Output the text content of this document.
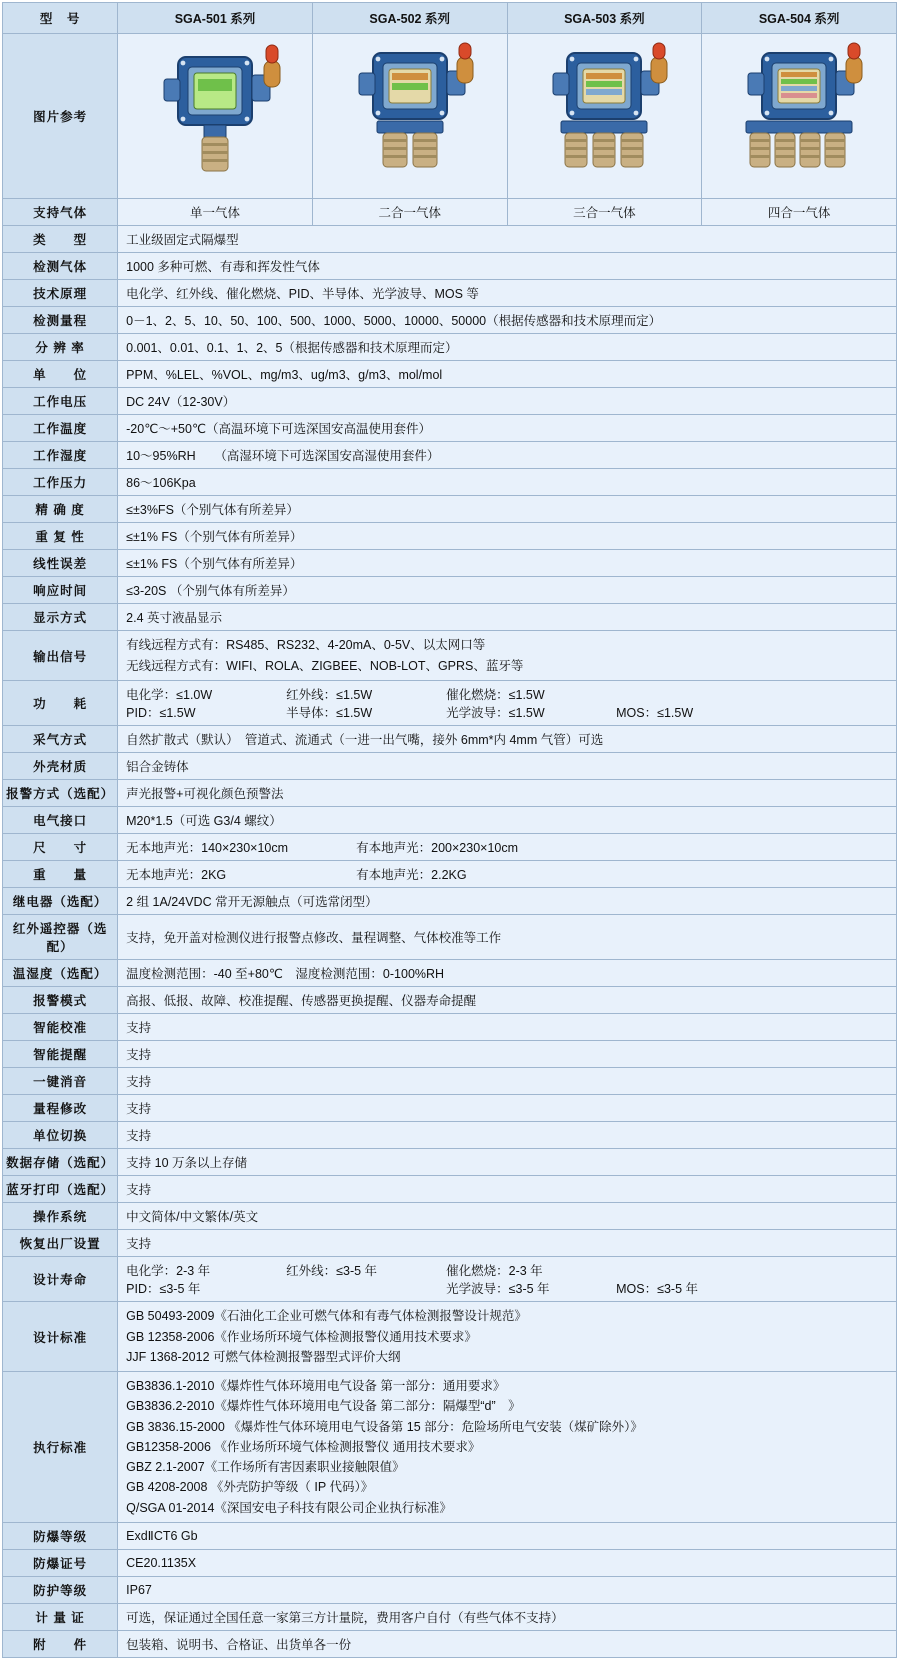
型　号	SGA-501 系列	SGA-502 系列	SGA-503 系列	SGA-504 系列
图片参考	

支持气体	单一气体	二合一气体	三合一气体	四合一气体
类　　型	工业级固定式隔爆型			
检测气体	1000 多种可燃、有毒和挥发性气体			
技术原理	电化学、红外线、催化燃烧、PID、半导体、光学波导、MOS 等			
检测量程	0－1、2、5、10、50、100、500、1000、5000、10000、50000（根据传感器和技术原理而定）			
分 辨 率	0.001、0.01、0.1、1、2、5（根据传感器和技术原理而定）			
单　　位	PPM、%LEL、%VOL、mg/m3、ug/m3、g/m3、mol/mol			
工作电压	DC 24V（12-30V）			
工作温度	-20℃～+50℃（高温环境下可选深国安高温使用套件）			
工作湿度	10～95%RH　　（高湿环境下可选深国安高湿使用套件）			
工作压力	86～106Kpa			
精 确 度	≤±3%FS（个别气体有所差异）			
重 复 性	≤±1% FS（个别气体有所差异）			
线性误差	≤±1% FS（个别气体有所差异）			
响应时间	≤3-20S （个别气体有所差异）			
显示方式	2.4 英寸液晶显示			
输出信号	有线远程方式有：RS485、RS232、4-20mA、0-5V、以太网口等
无线远程方式有：WIFI、ROLA、ZIGBEE、NOB-LOT、GPRS、蓝牙等			

功　　耗	
电化学：≤1.0W	红外线：≤1.5W	催化燃烧：≤1.5W
PID：≤1.5W	半导体：≤1.5W	光学波导：≤1.5W	MOS：≤1.5W

采气方式	自然扩散式（默认）　管道式、流通式（一进一出气嘴，接外 6mm*内 4mm 气管）可选			
外壳材质	铝合金铸体			
报警方式（选配）	声光报警+可视化颜色预警法			
电气接口	M20*1.5（可选 G3/4 螺纹）			
尺　　寸	无本地声光：140×230×10cm 有本地声光：200×230×10cm			

重　　量	无本地声光：2KG 有本地声光：2.2KG			

继电器（选配）	2 组 1A/24VDC 常开无源触点（可选常闭型）			
红外遥控器（选配）	支持，免开盖对检测仪进行报警点修改、量程调整、气体校准等工作			
温湿度（选配）	温度检测范围：-40 至+80℃　湿度检测范围：0-100%RH			
报警模式	高报、低报、故障、校准提醒、传感器更换提醒、仪器寿命提醒			
智能校准	支持			
智能提醒	支持			
一键消音	支持			
量程修改	支持			
单位切换	支持			
数据存储（选配）	支持 10 万条以上存储			
蓝牙打印（选配）	支持			
操作系统	中文简体/中文繁体/英文			
恢复出厂设置	支持			
设计寿命	
电化学：2-3 年	红外线：≤3-5 年	催化燃烧：2-3 年
PID：≤3-5 年	光学波导：≤3-5 年	MOS：≤3-5 年

设计标准	GB 50493-2009《石油化工企业可燃气体和有毒气体检测报警设计规范》
GB 12358-2006《作业场所环境气体检测报警仪通用技术要求》
JJF 1368-2012 可燃气体检测报警器型式评价大纲			

执行标准	
GB3836.1-2010《爆炸性气体环境用电气设备 第一部分：通用要求》
GB3836.2-2010《爆炸性气体环境用电气设备 第二部分：隔爆型“d”　》
GB 3836.15-2000 《爆炸性气体环境用电气设备第 15 部分：危险场所电气安装（煤矿除外）》
GB12358-2006 《作业场所环境气体检测报警仪 通用技术要求》
GBZ 2.1-2007《工作场所有害因素职业接触限值》
GB 4208-2008 《外壳防护等级（ IP 代码）》
Q/SGA 01-2014《深国安电子科技有限公司企业执行标准》

防爆等级	ExdⅡCT6 Gb			
防爆证号	CE20.1135X			
防护等级	IP67			
计 量 证	可选，保证通过全国任意一家第三方计量院，费用客户自付（有些气体不支持）			
附　　件	包装箱、说明书、合格证、出货单各一份			
